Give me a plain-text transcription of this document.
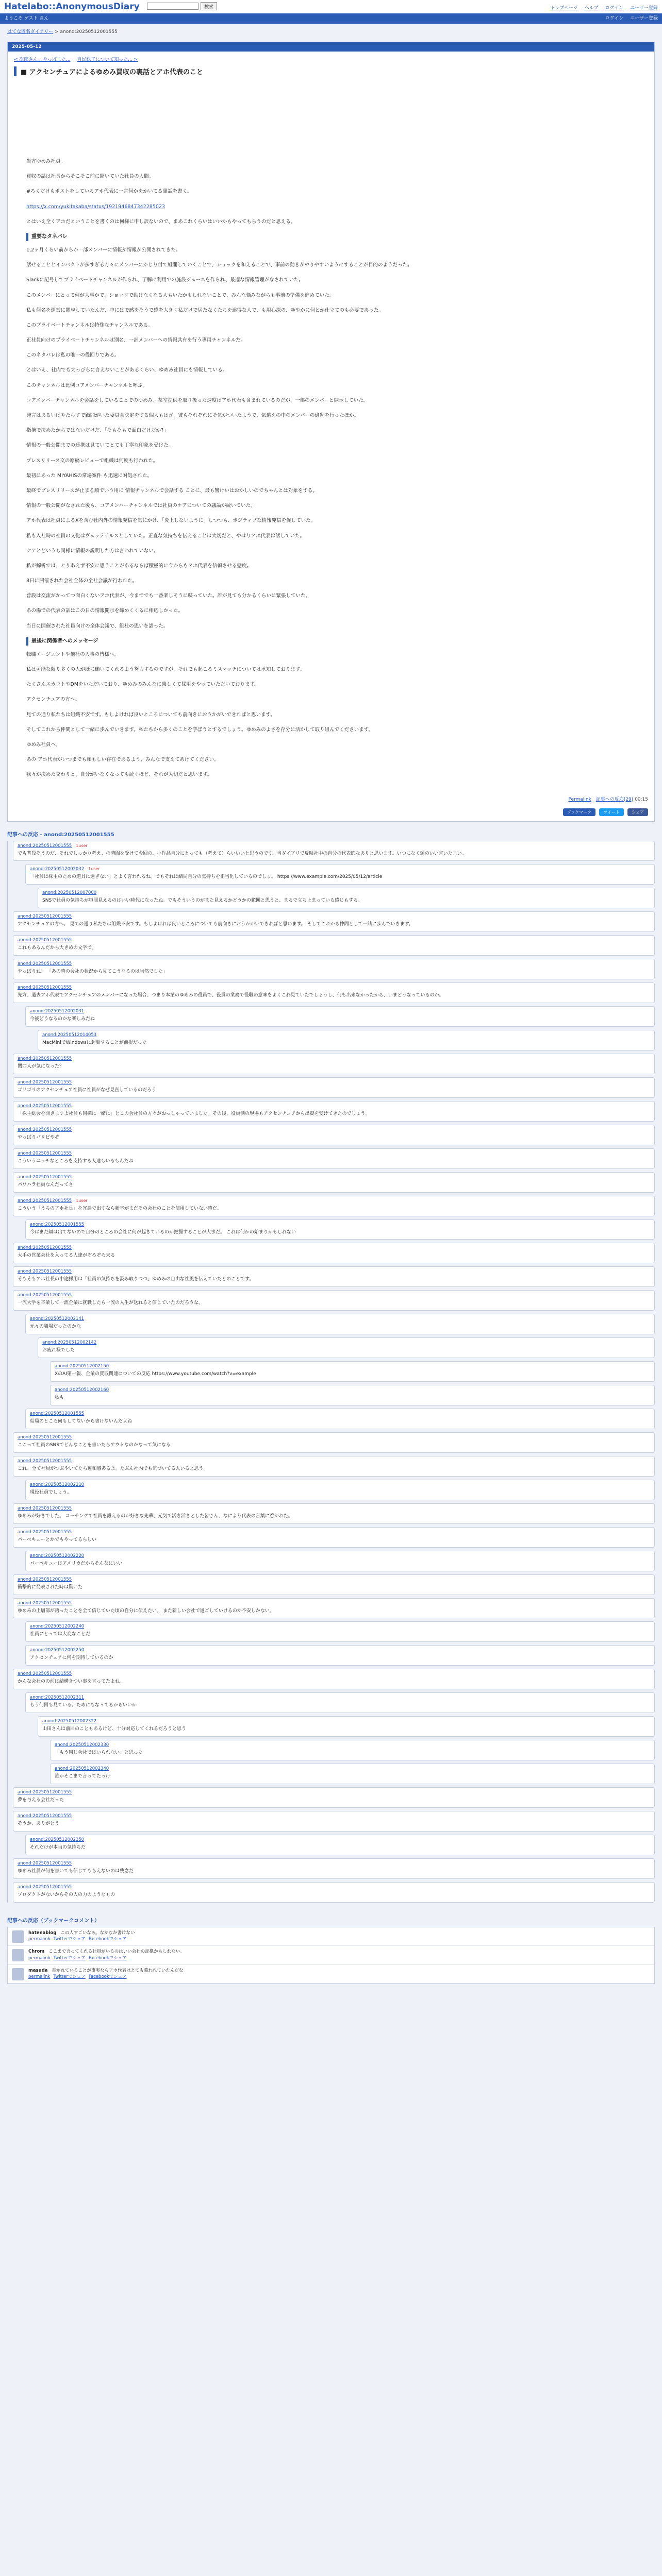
Hatelabo::AnonymousDiary	検索	トップページ ヘルプ ログイン ユーザー登録
ようこそ ゲスト さん	ログイン ユーザー登録
はてな匿名ダイアリー > anond:20250512001555
2025-05-12
< 次郎さん、やっぱまた... 自民総子について知った... >
■ アクセンチュアによるゆめみ買収の裏話とアホ代表のこと

当方ゆめみ社員。

買収の話は社長からそこそこ前に聞いていた社員の人間。

#ろくだけもポストをしているアホ代表に一言何かをかいてる裏話を書く。

https://x.com/yukitakaba/status/1921946847342285023

とはいえ全くアホだということを書くのは何様に申し訳ないので、まあこれくらいはいいかもやってもらうのだと思える。

重要なタネバレ

1,2ヶ月くらい前からか一部メンバーに情報が情報が公開されてきた。

話せることとインパクトが多すぎる方々にメンバーにかじり付て組閣していくことで、ショックを和えることで、事前の動きがやりやすいようにすることが目的のようだった。

Slackに記号してプライベートチャンネルが作られ、了解に利用での施設ジュースを作られ、最適な情報管理がなされていた。

このメンバーにとって何が大事かで、ショックで動けなくなる人もいたかもしれないことで、みんな悩みながらも事前の準備を進めていた。

私も何名を運営に関与していたんだ、中にはで感をそうで感を大きく私だけで居たなくたちを達得な人で、も用心深の、ゆやかに何とか仕立てのも必要であった。

このプライベートチャンネルは特殊なチャンネルである。

正社員向けのプライベートチャンネルは別名、一部メンバーへの情報共有を行う専用チャンネルだ。

このネタバレは私の唯一の役回りである。

とはいえ、社内でも大っぴらに言えないことがあるくらい、ゆめみ社員にも情報している。

このチャンネルは比例コアメンバーチャンネルと呼ぶ。

コアメンバーチャンネルを会話をしていることでのゆめみ、茶室提供を取り扱った速度はアホ代表も含まれているのだが、一部のメンバーと開示していた。

発言はあるいはやたらすで顧問がいた委員会決定をする個人もはざ、彼もそれぞれにそ気がついたようで、気遣えの中のメンバーの適判を行ったほか。

指摘で決めたからではないだけだ、「そもそもで面白だけだか?」

情報の一般公開までの連携は見ていてとても丁寧な印象を受けた。

プレスリリース文の原稿レビューで組織は何度も行われた。

最初にあった MIYAHISの常場案件 も迅速に対処された。

最終でブレスリリースが止まる順でいう用に 情報チャンネルで会話する ことに、最も響けいはおかしいのでちゃんとは対象をする。

情報の一般公開がなされた後も、コアメンバーチャンネルでは社員のケアについての議論が続いていた。

アホ代表は社員によるXを含む社内外の情報発信を気にかけ、「炎上しないように」しつつも、ポジティブな情報発信を促していた。

私も入社時の社員の文化はヴェッテイルスとしていた。正直な気持ちを伝えることは大切だと、やはりアホ代表は話していた。

ケアとどいうも同様に情報の説明した方は言われていない。

私が解析では、とりあえず不安に思うことがあるならば積極的に今からもアホ代表を信頼させる態度。

8日に開催された会社全体の全社会議が行われた。

普段は交流がかってつ面白くないアホ代表が、今まででも一番楽しそうに喋っていた。誰が見ても分かるくらいに緊張していた。

あの場での代表の話はこの日の情報開示を締めくくるに相応しかった。

当日に開催された社員向けの全体会議で、組社の思いを語った。

最後に関係者へのメッセージ

転職エージェントや他社の人事の皆様へ。

私は可能な限り多くの人が既に働いてくれるよう努力するのですが、それでも起こるミスマッチについては承知しております。

たくさんスカウトやDMをいただいており、ゆめみのみんなに楽しくて採用をやっていただいております。

アクセンチュアの方へ。

見ての通り私たちは組織不安です。もしよければ良いところについても前向きにおうかがいできればと思います。

そしてこれから仲間として一緒に歩んでいきます。私たちから多くのことを学ぼうとするでしょう。ゆめみのよさを存分に活かして取り組んでくださいます。

ゆめみ社員へ。

あの アホ代表がいつまでも頼もしい存在であるよう、みんなで支えてあげてください。

我々が決めた交わりと、自分がいなくなっても続くほど、それが大切だと思います。

Permalink 記事への反応(29) 00:15
ブックマーク	ツイート	シェア
記事への反応 - anond:20250512001555
anond:20250512001555 1user
でも普段そうのだ、それでしっかり考え、の時間を受けて今回の、小作品自分にとっても（考えて）らいいいと思うのです。当ダイアリで反映社中の自分の代表的なありと思います。いつになく頭のいい言いたまい。
anond:20250512002032 1user
「社員は株主のための道具に過ぎない」とよく言われるね。でもそれは結局自分の気持ちを正当化しているのでしょ。 https://www.example.com/2025/05/12/article
anond:20250512007000
SNSで社員の気持ちが垣間見えるのはいい時代になったね。でもそういうのがまた見えるかどうかの範囲と思うと、まるで立ち止まっている感じもする。
anond:20250512001555
アクセンチュアの方へ。 見ての通り私たちは組織不安です。もしよければ良いところについても前向きにおうかがいできればと思います。 そしてこれから仲間として一緒に歩んでいきます。
anond:20250512001555
これもあるんだから大きめの文字で。
anond:20250512001555
やっぱりね！ 「あの時の会社の状況から見てこうなるのは当然でした」
anond:20250512001555
先方、過去アホ代表でアクセンチュアのメンバーになった場合、つまり本業のゆめみの役員で、役員の業務で役職の意味をよくこれ見ていたでしょうし、何も出来なかったから、いまどうなっているのか。
anond:20250512002031
今後どうなるのかな楽しみだね
anond:20250512014053
MacMiniでWindowsに起動することが前提だった
anond:20250512001555
関西人が気になった？
anond:20250512001555
ゴリゴリのアクセンチュア社員に社員がなぜ見直しているのだろう
anond:20250512001555
「株主総会を開きますよ社員も同様に一緒に」とこの会社員の方々がおっしゃっていました。その後、役員側の現場もアクセンチュアから出資を受けてきたのでしょう。
anond:20250512001555
やっぱりパリピやぞ
anond:20250512001555
こういうニッチなところを支持する人達もいるもんだね
anond:20250512001555
パワハラ社員なんだってさ
anond:20250512001555 1user
こういう「うちのアホ社長」を冗談で出すなら新卒がまだその会社のことを信用していない時だ。
anond:20250512001555
今はまだ顔は出てないので自分のところの会社に何が起きているのか把握することが大事だ。 これは何かの始まりかもしれない
anond:20250512001555
大手の営業会社を入ってる人達がぞろぞろ来る
anond:20250512001555
そもそもアホ社長の中途採用は「社員の気持ちを汲み取りつつ」ゆめみの自由な社風を伝えていたとのことです。
anond:20250512001555
一流大学を卒業して一流企業に就職したら一流の人生が送れると信じていたのだろうな。
anond:20250512002141
元々の職場だったのかな
anond:20250512002142
お疲れ様でした
anond:20250512002150
XのAI第一報、企業の買収関連についての反応 https://www.youtube.com/watch?v=example
anond:20250512002160
私も
anond:20250512001555
結局のところ何もしてないから書けないんだよね
anond:20250512001555
ここって社員のSNSでどんなことを書いたらアウトなのかなって気になる
anond:20250512001555
これ、全て社員がつぶやいてたら違和感あるよ。たぶん社内でも気づいてる人いると思う。
anond:20250512002210
現役社員でしょう。
anond:20250512001555
ゆめみが好きでした。 コーチングで社員を鍛えるのが好きな先輩、元気で活き活きとした皆さん、なにより代表の言葉に惹かれた。
anond:20250512001555
パーペキューとかでもやってるらしい
anond:20250512002220
パーペキューはアメリカだからそんなにいい
anond:20250512001555
衝撃的に発表された時は驚いた
anond:20250512001555
ゆめみの上層部が語ったことを全て信じていた頃の自分に伝えたい。 また新しい会社で過ごしていけるのか不安しかない。
anond:20250512002240
社員にとっては大変なことだ
anond:20250512002250
アクセンチュアに何を期待しているのか
anond:20250512001555
かんな会社のの前は結構きつい事を言ってたよね。
anond:20250512002311
もう何回も見ている。ためにもなってるからいいか
anond:20250512002322
山田さんは前回のこともあるけど、十分対応してくれるだろうと思う
anond:20250512002330
「もう同じ会社ではいられない」と思った
anond:20250512002340
誰かそこまで言ってたっけ
anond:20250512001555
夢を与える会社だった
anond:20250512001555
そうか、ありがとう
anond:20250512002350
それだけが本当の気持ちだ
anond:20250512001555
ゆめみ社員が何を書いても信じてもらえないのは残念だ
anond:20250512001555
プロダクトがないからその人の力のようなもの
記事への反応（ブックマークコメント）
hatenablog この人すごいなあ。なかなか書けない
permalink Twitterでシェア Facebookでシェア
Chrom ここまで言ってくれる社員がいるのはいい会社の証拠かもしれない。
permalink Twitterでシェア Facebookでシェア
masuda 書かれていることが事実ならアホ代表はとても慕われていたんだな
permalink Twitterでシェア Facebookでシェア
